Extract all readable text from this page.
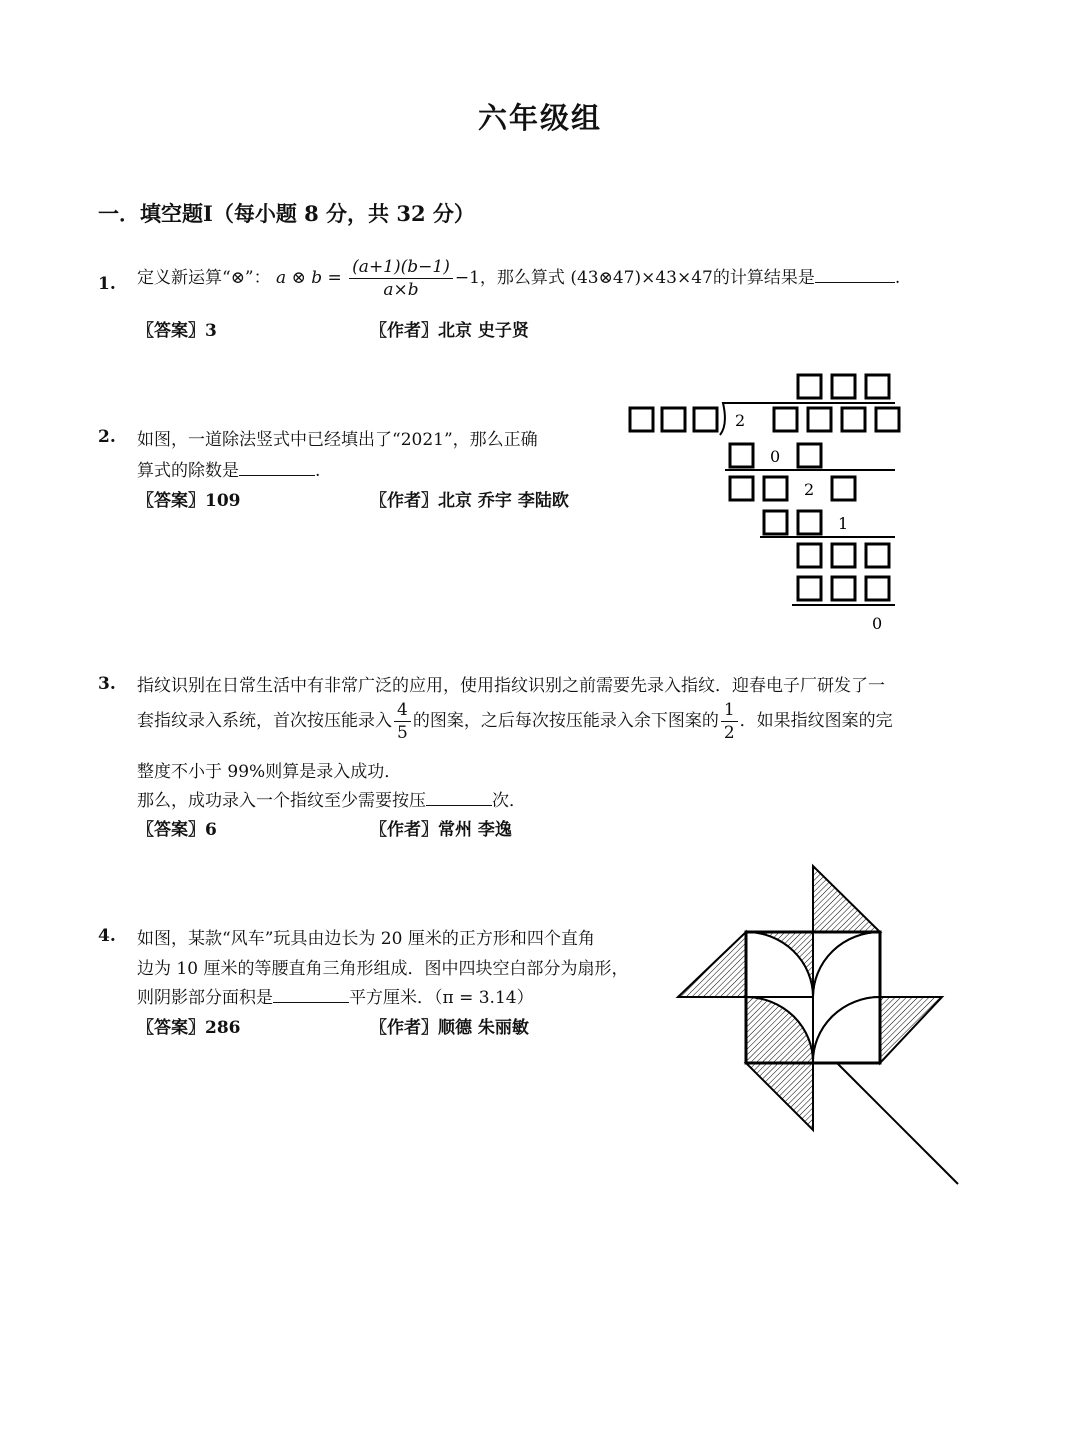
六年级组
一．填空题Ⅰ（每小题 8 分，共 32 分）
1. 定义新运算“⊗”： a ⊗ $b = \frac{(a+1)(b-1)}{a\times b} -1$，那么算式 (43⊗47)×43×47的计算结果是	.
〖答案〗3	〖作者〗北京 史子贤
2. 如图，一道除法竖式中已经填出了“2021”，那么正确
算式的除数是	.
〖答案〗109	〖作者〗北京 乔宇 李陆欧
2
0
2
1
0
3. 指纹识别在日常生活中有非常广泛的应用，使用指纹识别之前需要先录入指纹．迎春电子厂研发了一
套指纹录入系统，首次按压能录入 $\frac{4}{5}$ 的图案，之后每次按压能录入余下图案的 $\frac{1}{2}$ ．如果指纹图案的完
整度不小于 99%则算是录入成功．
那么，成功录入一个指纹至少需要按压	次．
〖答案〗6	〖作者〗常州 李逸
4. 如图，某款“风车”玩具由边长为 20 厘米的正方形和四个直角
边为 10 厘米的等腰直角三角形组成．图中四块空白部分为扇形，
则阴影部分面积是	平方厘米．（π = 3.14）
〖答案〗286	〖作者〗顺德 朱丽敏
